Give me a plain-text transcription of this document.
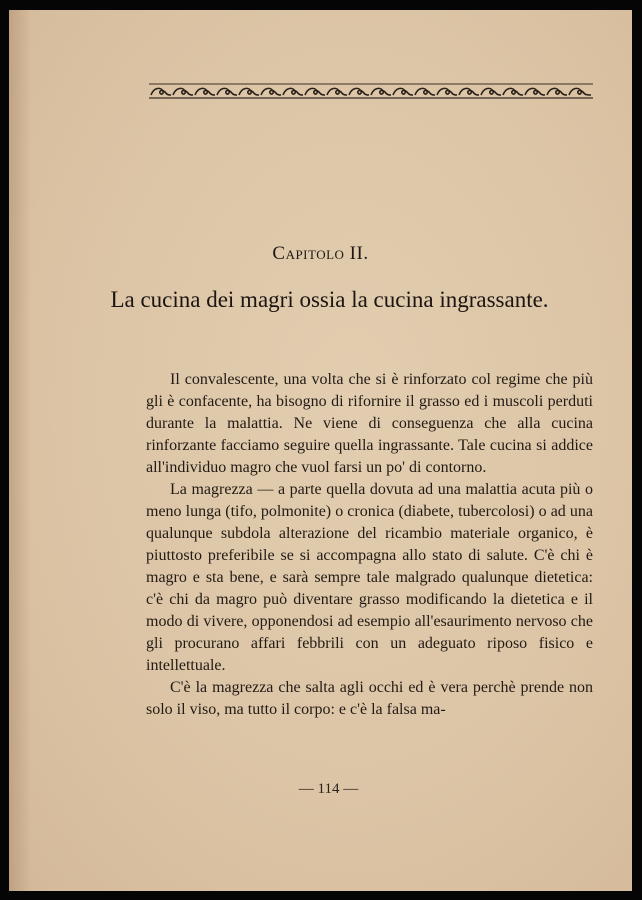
Capitolo II.
La cucina dei magri ossia la cucina ingrassante.

Il convalescente, una volta che si è rinforzato col regime che più gli è confacente, ha bisogno di rifornire il grasso ed i muscoli perduti durante la malattia. Ne viene di conseguenza che alla cucina rinforzante facciamo seguire quella ingrassante. Tale cucina si addice all'individuo magro che vuol farsi un po' di contorno.

La magrezza — a parte quella dovuta ad una malattia acuta più o meno lunga (tifo, polmonite) o cronica (diabete, tubercolosi) o ad una qualunque subdola alterazione del ricambio materiale organico, è piuttosto preferibile se si accompagna allo stato di salute. C'è chi è magro e sta bene, e sarà sempre tale malgrado qualunque dietetica: c'è chi da magro può diventare grasso modificando la dietetica e il modo di vivere, opponendosi ad esempio all'esaurimento nervoso che gli procurano affari febbrili con un adeguato riposo fisico e intellettuale.

C'è la magrezza che salta agli occhi ed è vera perchè prende non solo il viso, ma tutto il corpo: e c'è la falsa ma-

— 114 —
